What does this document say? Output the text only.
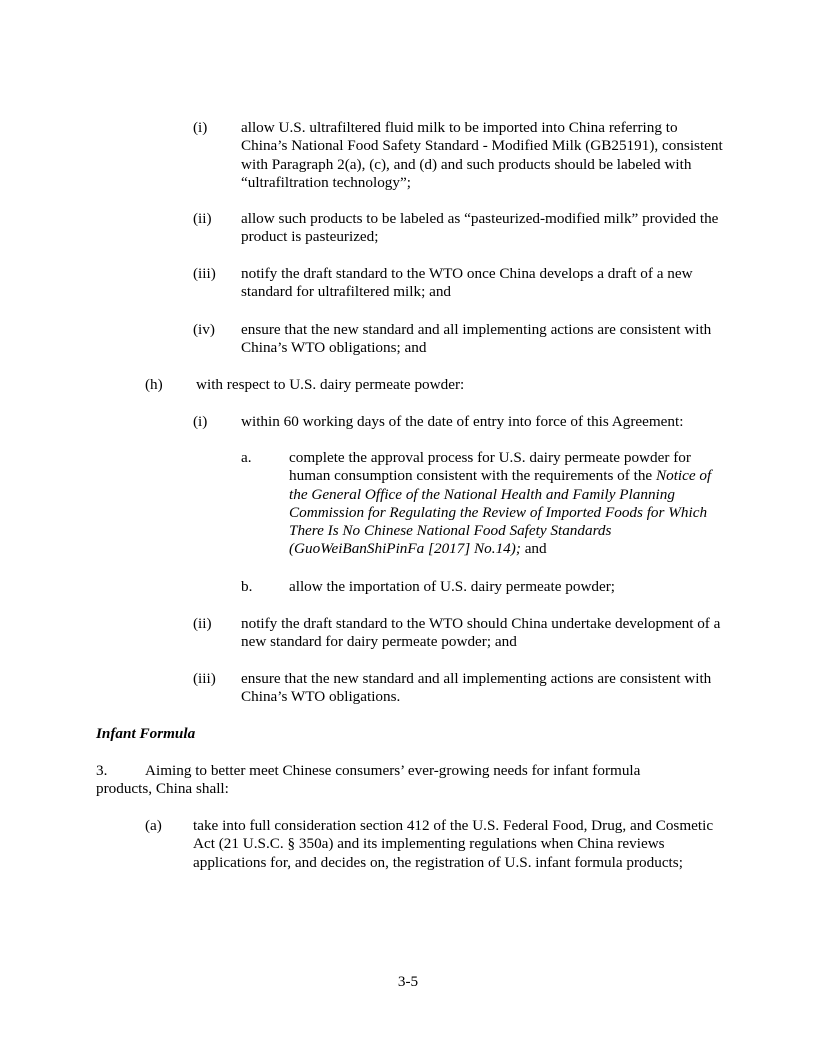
(i) allow U.S. ultrafiltered fluid milk to be imported into China referring to China’s National Food Safety Standard - Modified Milk (GB25191), consistent with Paragraph 2(a), (c), and (d) and such products should be labeled with “ultrafiltration technology”;
(ii) allow such products to be labeled as “pasteurized-modified milk” provided the product is pasteurized;
(iii) notify the draft standard to the WTO once China develops a draft of a new standard for ultrafiltered milk; and
(iv) ensure that the new standard and all implementing actions are consistent with China’s WTO obligations; and
(h) with respect to U.S. dairy permeate powder:
(i) within 60 working days of the date of entry into force of this Agreement:
a. complete the approval process for U.S. dairy permeate powder for human consumption consistent with the requirements of the Notice of the General Office of the National Health and Family Planning Commission for Regulating the Review of Imported Foods for Which There Is No Chinese National Food Safety Standards (GuoWeiBanShiPinFa [2017] No.14); and
b. allow the importation of U.S. dairy permeate powder;
(ii) notify the draft standard to the WTO should China undertake development of a new standard for dairy permeate powder; and
(iii) ensure that the new standard and all implementing actions are consistent with China’s WTO obligations.
Infant Formula
3. Aiming to better meet Chinese consumers’ ever-growing needs for infant formula
products, China shall:
(a) take into full consideration section 412 of the U.S. Federal Food, Drug, and Cosmetic Act (21 U.S.C. § 350a) and its implementing regulations when China reviews applications for, and decides on, the registration of U.S. infant formula products;
3-5
